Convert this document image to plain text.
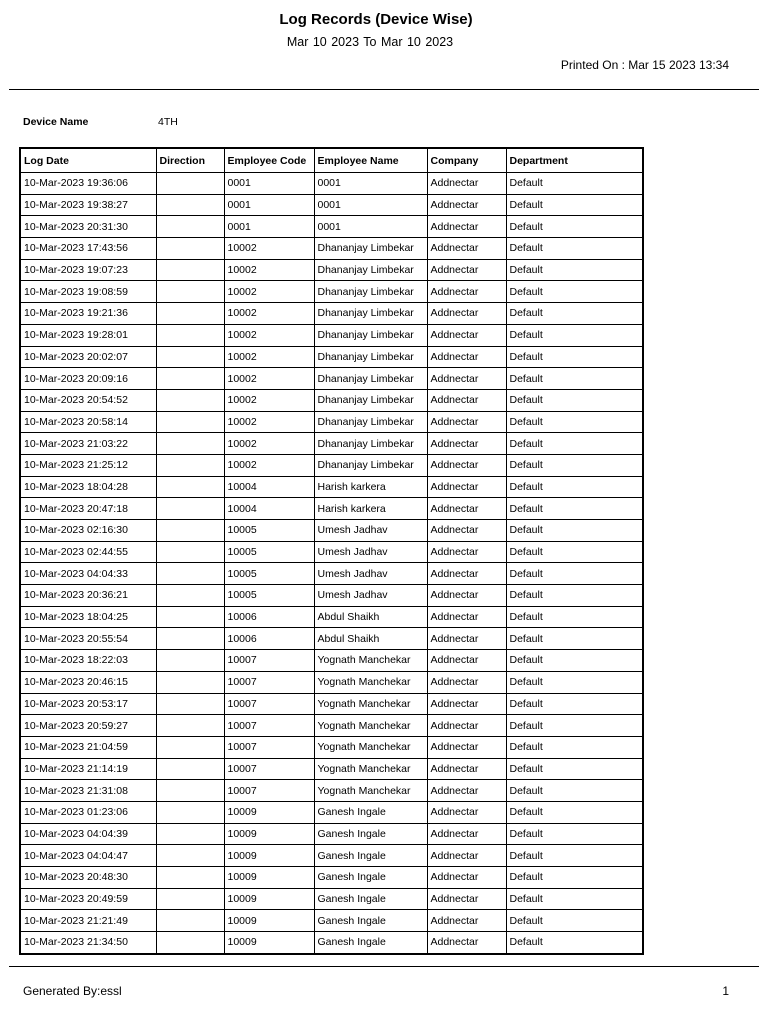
Log Records (Device Wise)
Mar 10 2023 To Mar 10 2023
Printed On : Mar 15 2023 13:34
Device Name	4TH
Log Date	Direction	Employee Code	Employee Name	Company	Department
10-Mar-2023 19:36:06		0001	0001	Addnectar	Default
10-Mar-2023 19:38:27		0001	0001	Addnectar	Default
10-Mar-2023 20:31:30		0001	0001	Addnectar	Default
10-Mar-2023 17:43:56		10002	Dhananjay Limbekar	Addnectar	Default
10-Mar-2023 19:07:23		10002	Dhananjay Limbekar	Addnectar	Default
10-Mar-2023 19:08:59		10002	Dhananjay Limbekar	Addnectar	Default
10-Mar-2023 19:21:36		10002	Dhananjay Limbekar	Addnectar	Default
10-Mar-2023 19:28:01		10002	Dhananjay Limbekar	Addnectar	Default
10-Mar-2023 20:02:07		10002	Dhananjay Limbekar	Addnectar	Default
10-Mar-2023 20:09:16		10002	Dhananjay Limbekar	Addnectar	Default
10-Mar-2023 20:54:52		10002	Dhananjay Limbekar	Addnectar	Default
10-Mar-2023 20:58:14		10002	Dhananjay Limbekar	Addnectar	Default
10-Mar-2023 21:03:22		10002	Dhananjay Limbekar	Addnectar	Default
10-Mar-2023 21:25:12		10002	Dhananjay Limbekar	Addnectar	Default
10-Mar-2023 18:04:28		10004	Harish karkera	Addnectar	Default
10-Mar-2023 20:47:18		10004	Harish karkera	Addnectar	Default
10-Mar-2023 02:16:30		10005	Umesh Jadhav	Addnectar	Default
10-Mar-2023 02:44:55		10005	Umesh Jadhav	Addnectar	Default
10-Mar-2023 04:04:33		10005	Umesh Jadhav	Addnectar	Default
10-Mar-2023 20:36:21		10005	Umesh Jadhav	Addnectar	Default
10-Mar-2023 18:04:25		10006	Abdul Shaikh	Addnectar	Default
10-Mar-2023 20:55:54		10006	Abdul Shaikh	Addnectar	Default
10-Mar-2023 18:22:03		10007	Yognath Manchekar	Addnectar	Default
10-Mar-2023 20:46:15		10007	Yognath Manchekar	Addnectar	Default
10-Mar-2023 20:53:17		10007	Yognath Manchekar	Addnectar	Default
10-Mar-2023 20:59:27		10007	Yognath Manchekar	Addnectar	Default
10-Mar-2023 21:04:59		10007	Yognath Manchekar	Addnectar	Default
10-Mar-2023 21:14:19		10007	Yognath Manchekar	Addnectar	Default
10-Mar-2023 21:31:08		10007	Yognath Manchekar	Addnectar	Default
10-Mar-2023 01:23:06		10009	Ganesh Ingale	Addnectar	Default
10-Mar-2023 04:04:39		10009	Ganesh Ingale	Addnectar	Default
10-Mar-2023 04:04:47		10009	Ganesh Ingale	Addnectar	Default
10-Mar-2023 20:48:30		10009	Ganesh Ingale	Addnectar	Default
10-Mar-2023 20:49:59		10009	Ganesh Ingale	Addnectar	Default
10-Mar-2023 21:21:49		10009	Ganesh Ingale	Addnectar	Default
10-Mar-2023 21:34:50		10009	Ganesh Ingale	Addnectar	Default
Generated By:essl	1
